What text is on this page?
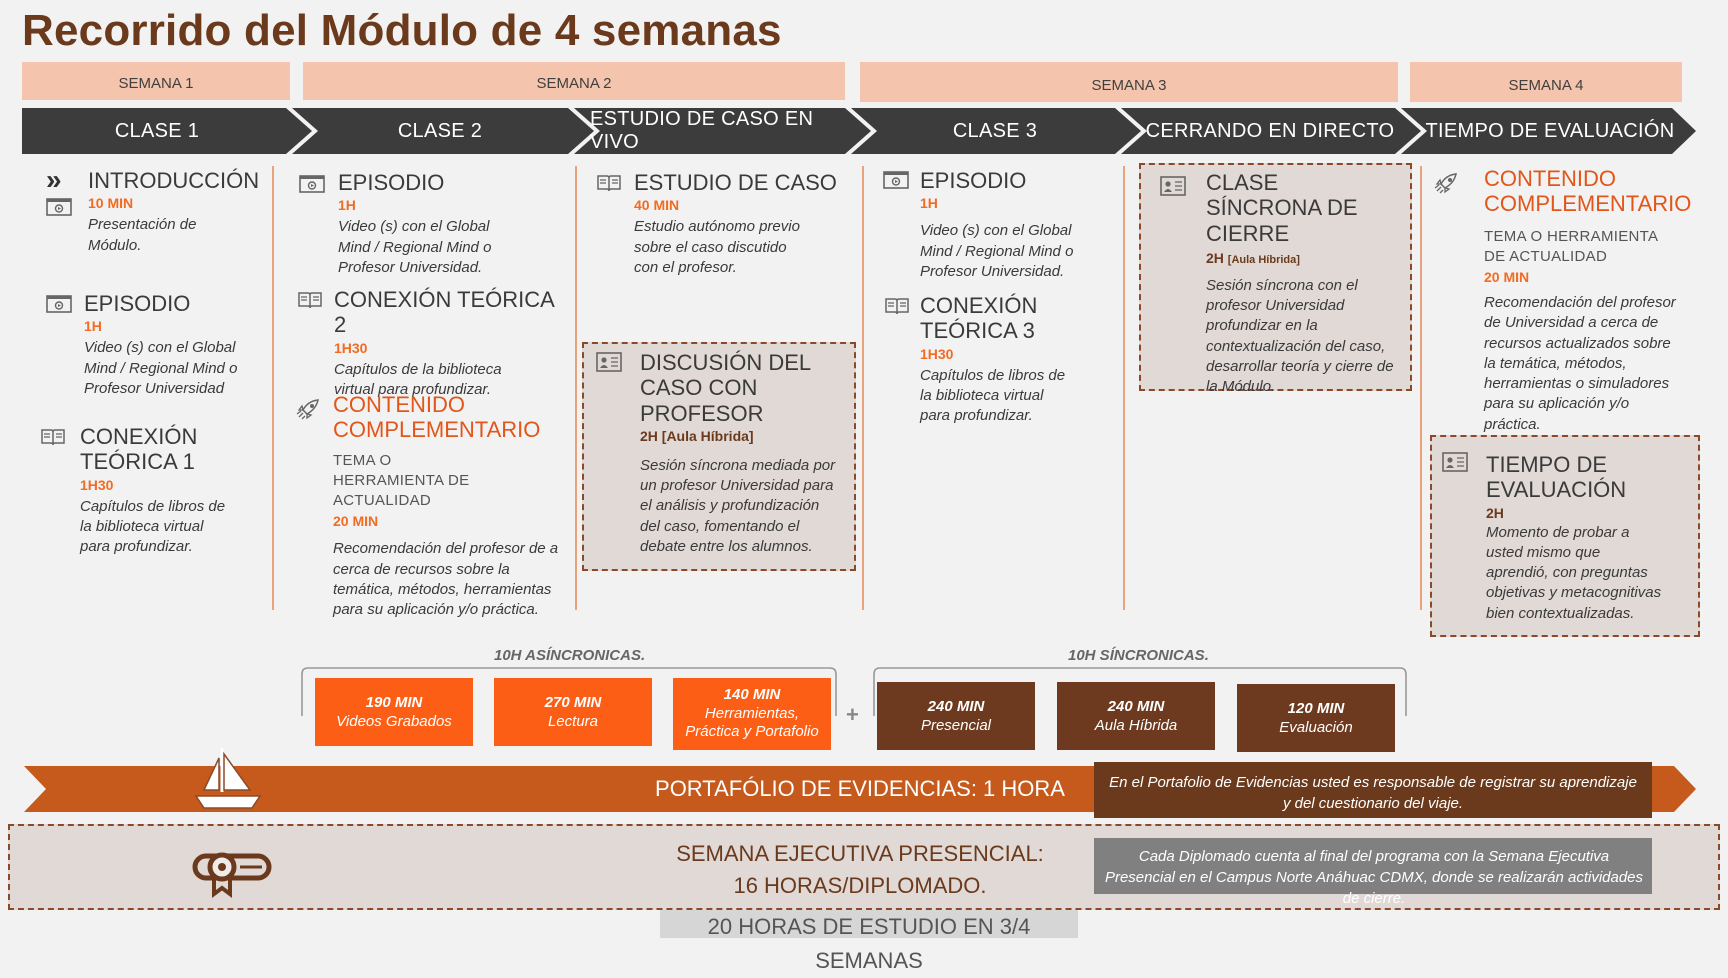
Recorrido del Módulo de 4 semanas
SEMANA 1	SEMANA 2	SEMANA 3	SEMANA 4
CLASE 1	CLASE 2
ESTUDIO DE CASO EN VIVO
CLASE 3	CERRANDO EN DIRECTO TIEMPO DE EVALUACIÓN
» INTRODUCCIÓN
10 MIN
Presentación de Módulo.
EPISODIO
1H
Video (s) con el Global Mind / Regional Mind o Profesor Universidad
CONEXIÓN TEÓRICA 1
1H30
Capítulos de libros de la biblioteca virtual para profundizar.
EPISODIO
1H
Video (s) con el Global Mind / Regional Mind o Profesor Universidad.
CONEXIÓN TEÓRICA 2
1H30
Capítulos de la biblioteca virtual para profundizar.
CONTENIDO COMPLEMENTARIO
TEMA O HERRAMIENTA DE ACTUALIDAD
20 MIN
Recomendación del profesor de a cerca de recursos sobre la temática, métodos, herramientas para su aplicación y/o práctica.
ESTUDIO DE CASO
40 MIN
Estudio autónomo previo sobre el caso discutido con el profesor.
DISCUSIÓN DEL CASO CON PROFESOR
2H [Aula Híbrida]
Sesión síncrona mediada por un profesor Universidad para el análisis y profundización del caso, fomentando el debate entre los alumnos.
EPISODIO
1H
Video (s) con el Global Mind / Regional Mind o Profesor Universidad.
CONEXIÓN TEÓRICA 3
1H30
Capítulos de libros de la biblioteca virtual para profundizar.
CLASE SÍNCRONA DE CIERRE
2H [Aula Híbrida]
Sesión síncrona con el profesor Universidad profundizar en la contextualización del caso, desarrollar teoría y cierre de la Módulo.
CONTENIDO COMPLEMENTARIO
TEMA O HERRAMIENTA DE ACTUALIDAD
20 MIN
Recomendación del profesor de Universidad a cerca de recursos actualizados sobre la temática, métodos, herramientas o simuladores para su aplicación y/o práctica.
TIEMPO DE EVALUACIÓN
2H
Momento de probar a usted mismo que aprendió, con preguntas objetivas y metacognitivas bien contextualizadas.
10H ASÍNCRONICAS.	10H SÍNCRONICAS.
+
190 MIN
Videos Grabados
270 MIN
Lectura
140 MIN
Herramientas, Práctica y Portafolio
240 MIN
Presencial
240 MIN
Aula Híbrida
120 MIN
Evaluación
PORTAFÓLIO DE EVIDENCIAS: 1 HORA	En el Portafolio de Evidencias usted es responsable de registrar su aprendizaje y del cuestionario del viaje.
SEMANA EJECUTIVA PRESENCIAL:
16 HORAS/DIPLOMADO.
Cada Diplomado cuenta al final del programa con la Semana Ejecutiva Presencial en el Campus Norte Anáhuac CDMX, donde se realizarán actividades de cierre.
20 HORAS DE ESTUDIO EN 3/4 SEMANAS
